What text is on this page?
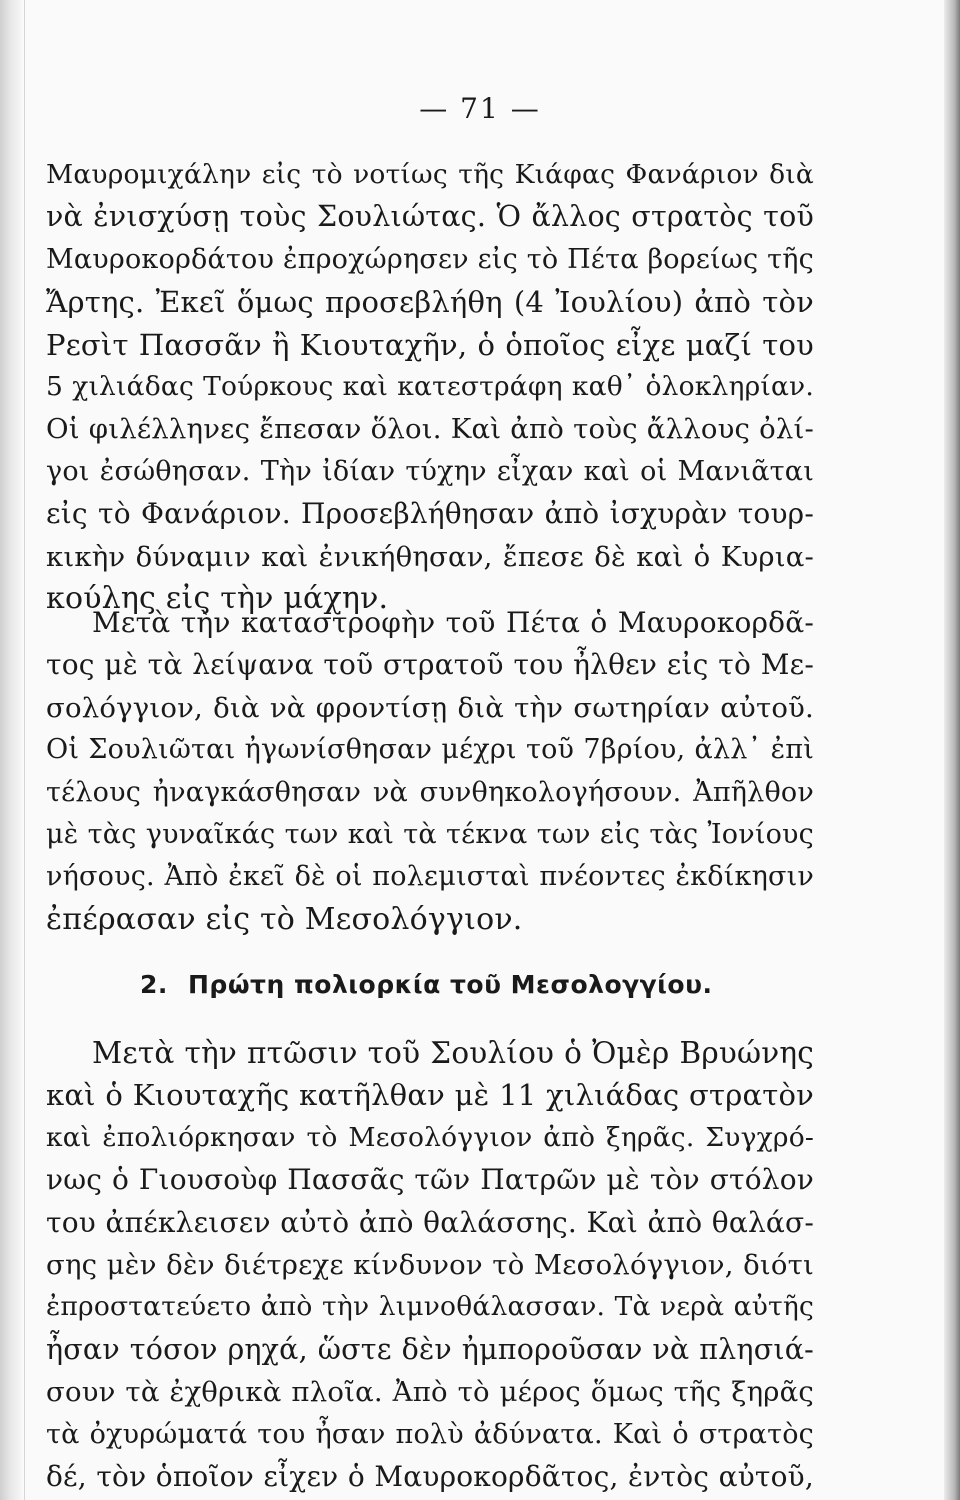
— 71 —

Μαυρομιχάλην εἰς τὸ νοτίως τῆς Κιάφας Φανάριον διὰ
νὰ ἐνισχύσῃ τοὺς Σουλιώτας. Ὁ ἄλλος στρατὸς τοῦ
Μαυροκορδάτου ἐπροχώρησεν εἰς τὸ Πέτα βορείως τῆς
Ἄρτης. Ἐκεῖ ὅμως προσεβλήθη (4 Ἰουλίου) ἀπὸ τὸν
Ρεσὶτ Πασσᾶν ἢ Κιουταχῆν, ὁ ὁποῖος εἶχε μαζί του
5 χιλιάδας Τούρκους καὶ κατεστράφη καθ᾽ ὁλοκληρίαν.
Οἱ φιλέλληνες ἔπεσαν ὅλοι. Καὶ ἀπὸ τοὺς ἄλλους ὀλί-
γοι ἐσώθησαν. Τὴν ἰδίαν τύχην εἶχαν καὶ οἱ Μανιᾶται
εἰς τὸ Φανάριον. Προσεβλήθησαν ἀπὸ ἰσχυρὰν τουρ-
κικὴν δύναμιν καὶ ἐνικήθησαν, ἔπεσε δὲ καὶ ὁ Κυρια-
κούλης εἰς τὴν μάχην.

Μετὰ τὴν καταστροφὴν τοῦ Πέτα ὁ Μαυροκορδᾶ-
τος μὲ τὰ λείψανα τοῦ στρατοῦ του ἦλθεν εἰς τὸ Με-
σολόγγιον, διὰ νὰ φροντίσῃ διὰ τὴν σωτηρίαν αὐτοῦ.
Οἱ Σουλιῶται ἠγωνίσθησαν μέχρι τοῦ 7βρίου, ἀλλ᾽ ἐπὶ
τέλους ἠναγκάσθησαν νὰ συνθηκολογήσουν. Ἀπῆλθον
μὲ τὰς γυναῖκάς των καὶ τὰ τέκνα των εἰς τὰς Ἰονίους
νήσους. Ἀπὸ ἐκεῖ δὲ οἱ πολεμισταὶ πνέοντες ἐκδίκησιν
ἐπέρασαν εἰς τὸ Μεσολόγγιον.

2. Πρώτη πολιορκία τοῦ Μεσολογγίου.

Μετὰ τὴν πτῶσιν τοῦ Σουλίου ὁ Ὀμὲρ Βρυώνης
καὶ ὁ Κιουταχῆς κατῆλθαν μὲ 11 χιλιάδας στρατὸν
καὶ ἐπολιόρκησαν τὸ Μεσολόγγιον ἀπὸ ξηρᾶς. Συγχρό-
νως ὁ Γιουσοὺφ Πασσᾶς τῶν Πατρῶν μὲ τὸν στόλον
του ἀπέκλεισεν αὐτὸ ἀπὸ θαλάσσης. Καὶ ἀπὸ θαλάσ-
σης μὲν δὲν διέτρεχε κίνδυνον τὸ Μεσολόγγιον, διότι
ἐπροστατεύετο ἀπὸ τὴν λιμνοθάλασσαν. Τὰ νερὰ αὐτῆς
ἦσαν τόσον ρηχά, ὥστε δὲν ἠμποροῦσαν νὰ πλησιά-
σουν τὰ ἐχθρικὰ πλοῖα. Ἀπὸ τὸ μέρος ὅμως τῆς ξηρᾶς
τὰ ὀχυρώματά του ἦσαν πολὺ ἀδύνατα. Καὶ ὁ στρατὸς
δέ, τὸν ὁποῖον εἶχεν ὁ Μαυροκορδᾶτος, ἐντὸς αὐτοῦ,
